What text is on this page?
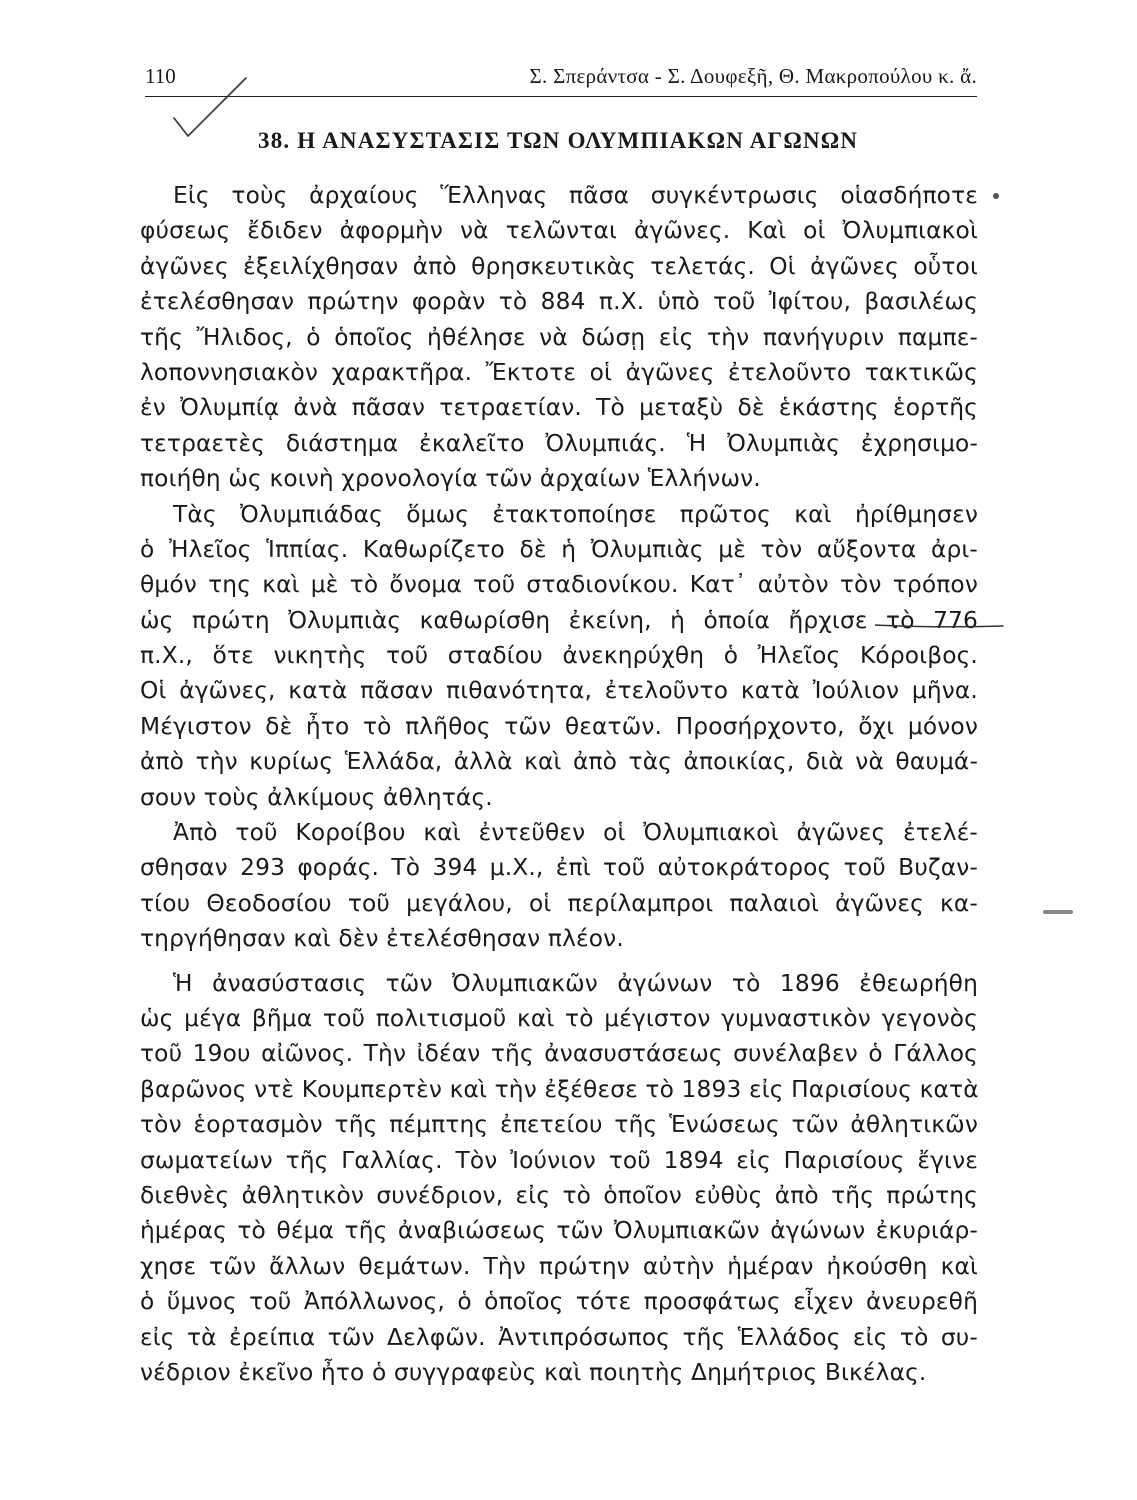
110	Σ. Σπεράντσα - Σ. Δουφεξῆ, Θ. Μακροπούλου κ. ἄ.
38. Η ΑΝΑΣΥΣΤΑΣΙΣ ΤΩΝ ΟΛΥΜΠΙΑΚΩΝ ΑΓΩΝΩΝ
Εἰς τοὺς ἀρχαίους Ἕλληνας πᾶσα συγκέντρωσις οἱασδήποτε
φύσεως ἔδιδεν ἀφορμὴν νὰ τελῶνται ἀγῶνες. Καὶ οἱ Ὀλυμπιακοὶ
ἀγῶνες ἐξειλίχθησαν ἀπὸ θρησκευτικὰς τελετάς. Οἱ ἀγῶνες οὗτοι
ἐτελέσθησαν πρώτην φορὰν τὸ 884 π.Χ. ὑπὸ τοῦ Ἰφίτου, βασιλέως
τῆς Ἤλιδος, ὁ ὁποῖος ἠθέλησε νὰ δώσῃ εἰς τὴν πανήγυριν παμπε-
λοποννησιακὸν χαρακτῆρα. Ἔκτοτε οἱ ἀγῶνες ἐτελοῦντο τακτικῶς
ἐν Ὀλυμπίᾳ ἀνὰ πᾶσαν τετραετίαν. Τὸ μεταξὺ δὲ ἑκάστης ἑορτῆς
τετραετὲς διάστημα ἐκαλεῖτο Ὀλυμπιάς. Ἡ Ὀλυμπιὰς ἐχρησιμο-
ποιήθη ὡς κοινὴ χρονολογία τῶν ἀρχαίων Ἑλλήνων.
Τὰς Ὀλυμπιάδας ὅμως ἐτακτοποίησε πρῶτος καὶ ἠρίθμησεν
ὁ Ἠλεῖος Ἱππίας. Καθωρίζετο δὲ ἡ Ὀλυμπιὰς μὲ τὸν αὔξοντα ἀρι-
θμόν της καὶ μὲ τὸ ὄνομα τοῦ σταδιονίκου. Κατ᾽ αὐτὸν τὸν τρόπον
ὡς πρώτη Ὀλυμπιὰς καθωρίσθη ἐκείνη, ἡ ὁποία ἤρχισε τὸ 776
π.Χ., ὅτε νικητὴς τοῦ σταδίου ἀνεκηρύχθη ὁ Ἠλεῖος Κόροιβος.
Οἱ ἀγῶνες, κατὰ πᾶσαν πιθανότητα, ἐτελοῦντο κατὰ Ἰούλιον μῆνα.
Μέγιστον δὲ ἦτο τὸ πλῆθος τῶν θεατῶν. Προσήρχοντο, ὄχι μόνον
ἀπὸ τὴν κυρίως Ἑλλάδα, ἀλλὰ καὶ ἀπὸ τὰς ἀποικίας, διὰ νὰ θαυμά-
σουν τοὺς ἀλκίμους ἀθλητάς.
Ἀπὸ τοῦ Κοροίβου καὶ ἐντεῦθεν οἱ Ὀλυμπιακοὶ ἀγῶνες ἐτελέ-
σθησαν 293 φοράς. Τὸ 394 μ.Χ., ἐπὶ τοῦ αὐτοκράτορος τοῦ Βυζαν-
τίου Θεοδοσίου τοῦ μεγάλου, οἱ περίλαμπροι παλαιοὶ ἀγῶνες κα-
τηργήθησαν καὶ δὲν ἐτελέσθησαν πλέον.
Ἡ ἀνασύστασις τῶν Ὀλυμπιακῶν ἀγώνων τὸ 1896 ἐθεωρήθη
ὡς μέγα βῆμα τοῦ πολιτισμοῦ καὶ τὸ μέγιστον γυμναστικὸν γεγονὸς
τοῦ 19ου αἰῶνος. Τὴν ἰδέαν τῆς ἀνασυστάσεως συνέλαβεν ὁ Γάλλος
βαρῶνος ντὲ Κουμπερτὲν καὶ τὴν ἐξέθεσε τὸ 1893 εἰς Παρισίους κατὰ
τὸν ἑορτασμὸν τῆς πέμπτης ἐπετείου τῆς Ἑνώσεως τῶν ἀθλητικῶν
σωματείων τῆς Γαλλίας. Τὸν Ἰούνιον τοῦ 1894 εἰς Παρισίους ἔγινε
διεθνὲς ἀθλητικὸν συνέδριον, εἰς τὸ ὁποῖον εὐθὺς ἀπὸ τῆς πρώτης
ἡμέρας τὸ θέμα τῆς ἀναβιώσεως τῶν Ὀλυμπιακῶν ἀγώνων ἐκυριάρ-
χησε τῶν ἄλλων θεμάτων. Τὴν πρώτην αὐτὴν ἡμέραν ἠκούσθη καὶ
ὁ ὕμνος τοῦ Ἀπόλλωνος, ὁ ὁποῖος τότε προσφάτως εἶχεν ἀνευρεθῆ
εἰς τὰ ἐρείπια τῶν Δελφῶν. Ἀντιπρόσωπος τῆς Ἑλλάδος εἰς τὸ συ-
νέδριον ἐκεῖνο ἦτο ὁ συγγραφεὺς καὶ ποιητὴς Δημήτριος Βικέλας.
